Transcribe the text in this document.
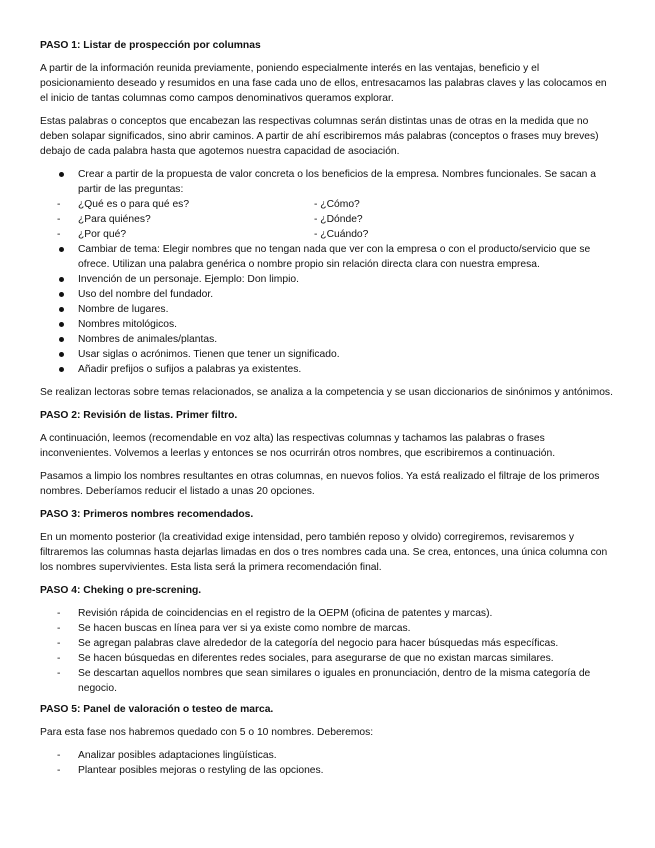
PASO 1: Listar de prospección por columnas

A partir de la información reunida previamente, poniendo especialmente interés en las ventajas, beneficio y el posicionamiento deseado y resumidos en una fase cada uno de ellos, entresacamos las palabras claves y las colocamos en el inicio de tantas columnas como campos denominativos queramos explorar.

Estas palabras o conceptos que encabezan las respectivas columnas serán distintas unas de otras en la medida que no deben solapar significados, sino abrir caminos. A partir de ahí escribiremos más palabras (conceptos o frases muy breves) debajo de cada palabra hasta que agotemos nuestra capacidad de asociación.

Crear a partir de la propuesta de valor concreta o los beneficios de la empresa. Nombres funcionales. Se sacan a partir de las preguntas:
-	¿Qué es o para qué es?	- ¿Cómo?
-	¿Para quiénes?	- ¿Dónde?
-	¿Por qué?	- ¿Cuándo?
Cambiar de tema: Elegir nombres que no tengan nada que ver con la empresa o con el producto/servicio que se ofrece. Utilizan una palabra genérica o nombre propio sin relación directa clara con nuestra empresa.
Invención de un personaje. Ejemplo: Don limpio.
Uso del nombre del fundador.
Nombre de lugares.
Nombres mitológicos.
Nombres de animales/plantas.
Usar siglas o acrónimos. Tienen que tener un significado.
Añadir prefijos o sufijos a palabras ya existentes.

Se realizan lectoras sobre temas relacionados, se analiza a la competencia y se usan diccionarios de sinónimos y antónimos.

PASO 2: Revisión de listas. Primer filtro.

A continuación, leemos (recomendable en voz alta) las respectivas columnas y tachamos las palabras o frases inconvenientes. Volvemos a leerlas y entonces se nos ocurrirán otros nombres, que escribiremos a continuación.

Pasamos a limpio los nombres resultantes en otras columnas, en nuevos folios. Ya está realizado el filtraje de los primeros nombres. Deberíamos reducir el listado a unas 20 opciones.

PASO 3: Primeros nombres recomendados.

En un momento posterior (la creatividad exige intensidad, pero también reposo y olvido) corregiremos, revisaremos y filtraremos las columnas hasta dejarlas limadas en dos o tres nombres cada una. Se crea, entonces, una única columna con los nombres supervivientes. Esta lista será la primera recomendación final.

PASO 4: Cheking o pre-screning.
-	Revisión rápida de coincidencias en el registro de la OEPM (oficina de patentes y marcas).
-	Se hacen buscas en línea para ver si ya existe como nombre de marcas.
-	Se agregan palabras clave alrededor de la categoría del negocio para hacer búsquedas más específicas.
-	Se hacen búsquedas en diferentes redes sociales, para asegurarse de que no existan marcas similares.
-	Se descartan aquellos nombres que sean similares o iguales en pronunciación, dentro de la misma categoría de negocio.
PASO 5: Panel de valoración o testeo de marca.

Para esta fase nos habremos quedado con 5 o 10 nombres. Deberemos:

-	Analizar posibles adaptaciones lingüísticas.
-	Plantear posibles mejoras o restyling de las opciones.
